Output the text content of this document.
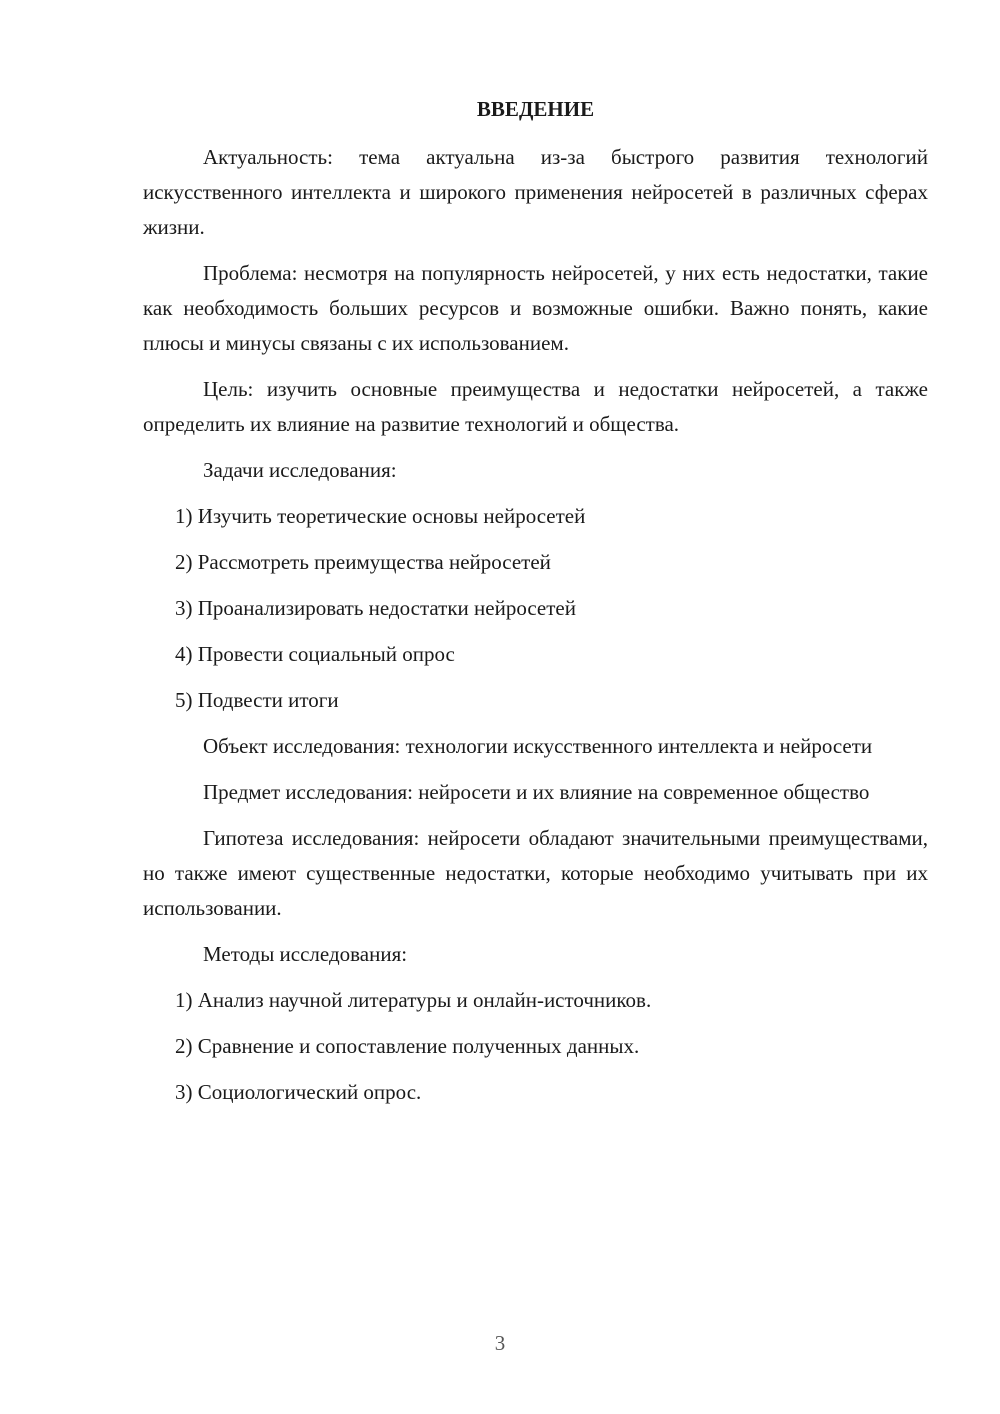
ВВЕДЕНИЕ

Актуальность: тема актуальна из-за быстрого развития технологий искусственного интеллекта и широкого применения нейросетей в различных сферах жизни.

Проблема: несмотря на популярность нейросетей, у них есть недостатки, такие как необходимость больших ресурсов и возможные ошибки. Важно понять, какие плюсы и минусы связаны с их использованием.

Цель: изучить основные преимущества и недостатки нейросетей, а также определить их влияние на развитие технологий и общества.

Задачи исследования:

1) Изучить теоретические основы нейросетей
2) Рассмотреть преимущества нейросетей
3) Проанализировать недостатки нейросетей
4) Провести социальный опрос
5) Подвести итоги

Объект исследования: технологии искусственного интеллекта и нейросети

Предмет исследования: нейросети и их влияние на современное общество

Гипотеза исследования: нейросети обладают значительными преимуществами, но также имеют существенные недостатки, которые необходимо учитывать при их использовании.

Методы исследования:

1) Анализ научной литературы и онлайн-источников.
2) Сравнение и сопоставление полученных данных.
3) Социологический опрос.
3
